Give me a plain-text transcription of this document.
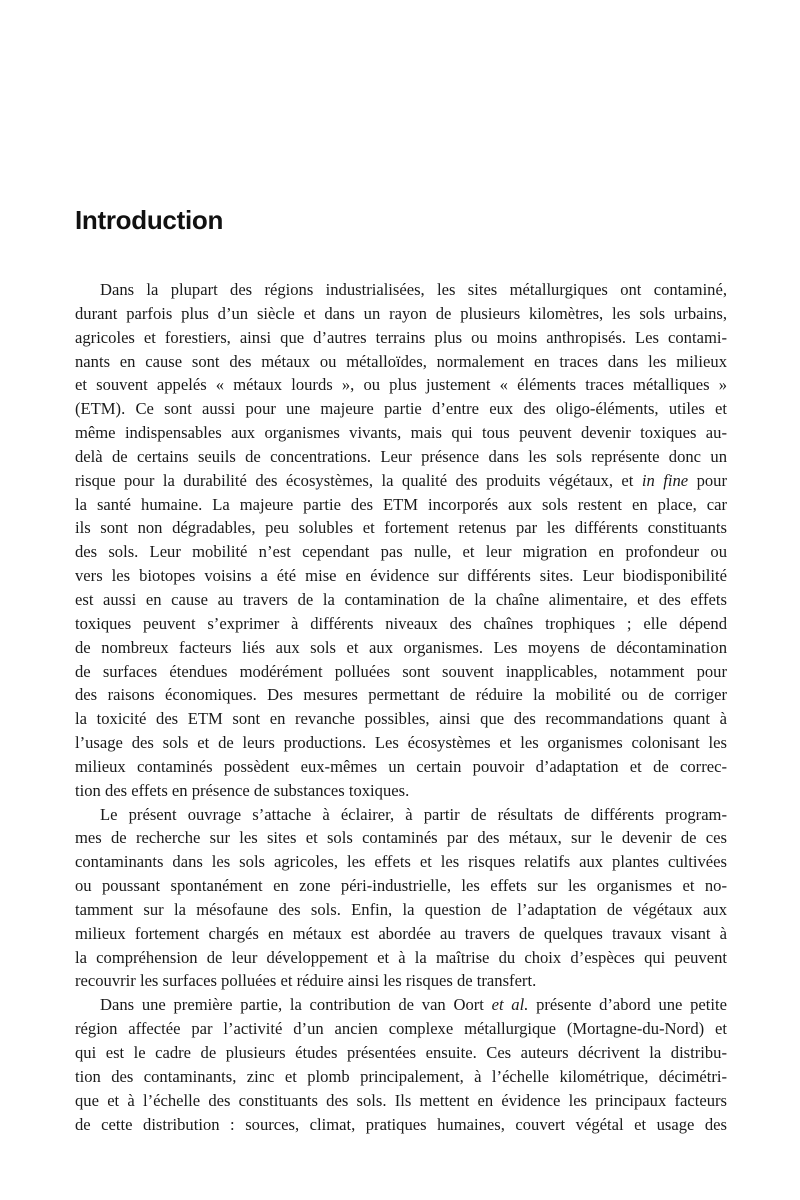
Introduction
Dans la plupart des régions industrialisées, les sites métallurgiques ont contaminé,
durant parfois plus d’un siècle et dans un rayon de plusieurs kilomètres, les sols urbains,
agricoles et forestiers, ainsi que d’autres terrains plus ou moins anthropisés. Les contami-
nants en cause sont des métaux ou métalloïdes, normalement en traces dans les milieux
et souvent appelés « métaux lourds », ou plus justement « éléments traces métalliques »
(ETM). Ce sont aussi pour une majeure partie d’entre eux des oligo-éléments, utiles et
même indispensables aux organismes vivants, mais qui tous peuvent devenir toxiques au-
delà de certains seuils de concentrations. Leur présence dans les sols représente donc un
risque pour la durabilité des écosystèmes, la qualité des produits végétaux, et in fine pour
la santé humaine. La majeure partie des ETM incorporés aux sols restent en place, car
ils sont non dégradables, peu solubles et fortement retenus par les différents constituants
des sols. Leur mobilité n’est cependant pas nulle, et leur migration en profondeur ou
vers les biotopes voisins a été mise en évidence sur différents sites. Leur biodisponibilité
est aussi en cause au travers de la contamination de la chaîne alimentaire, et des effets
toxiques peuvent s’exprimer à différents niveaux des chaînes trophiques ; elle dépend
de nombreux facteurs liés aux sols et aux organismes. Les moyens de décontamination
de surfaces étendues modérément polluées sont souvent inapplicables, notamment pour
des raisons économiques. Des mesures permettant de réduire la mobilité ou de corriger
la toxicité des ETM sont en revanche possibles, ainsi que des recommandations quant à
l’usage des sols et de leurs productions. Les écosystèmes et les organismes colonisant les
milieux contaminés possèdent eux-mêmes un certain pouvoir d’adaptation et de correc-
tion des effets en présence de substances toxiques.
Le présent ouvrage s’attache à éclairer, à partir de résultats de différents program-
mes de recherche sur les sites et sols contaminés par des métaux, sur le devenir de ces
contaminants dans les sols agricoles, les effets et les risques relatifs aux plantes cultivées
ou poussant spontanément en zone péri-industrielle, les effets sur les organismes et no-
tamment sur la mésofaune des sols. Enfin, la question de l’adaptation de végétaux aux
milieux fortement chargés en métaux est abordée au travers de quelques travaux visant à
la compréhension de leur développement et à la maîtrise du choix d’espèces qui peuvent
recouvrir les surfaces polluées et réduire ainsi les risques de transfert.
Dans une première partie, la contribution de van Oort et al. présente d’abord une petite
région affectée par l’activité d’un ancien complexe métallurgique (Mortagne-du-Nord) et
qui est le cadre de plusieurs études présentées ensuite. Ces auteurs décrivent la distribu-
tion des contaminants, zinc et plomb principalement, à l’échelle kilométrique, décimétri-
que et à l’échelle des constituants des sols. Ils mettent en évidence les principaux facteurs
de cette distribution : sources, climat, pratiques humaines, couvert végétal et usage des
